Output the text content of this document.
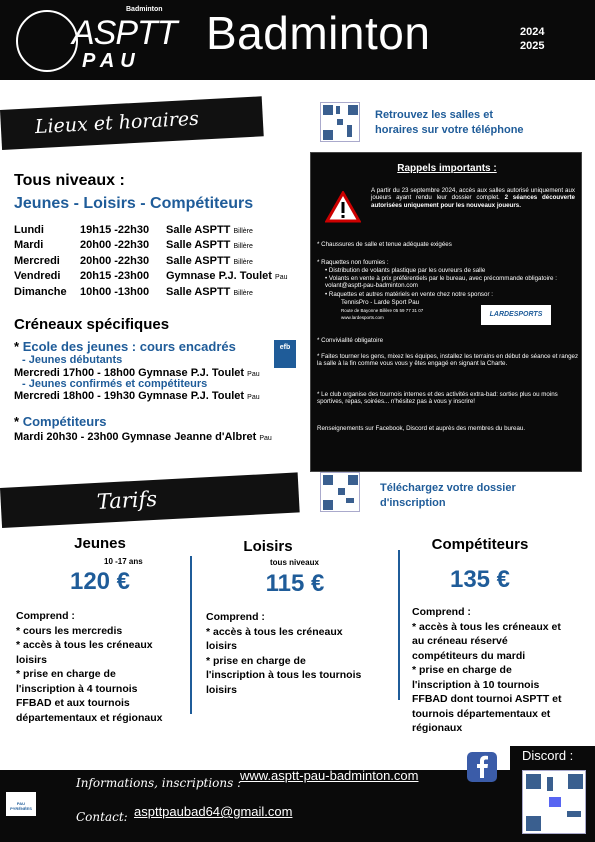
Badminton
ASPTT
PAU
Badminton	2024
2025
Lieux et horaires	Retrouvez les salles et
horaires sur votre téléphone
Tous niveaux :
Jeunes - Loisirs - Compétiteurs
Lundi	19h15 -22h30	Salle ASPTT Billère
Mardi	20h00 -22h30	Salle ASPTT Billère
Mercredi	20h00 -22h30	Salle ASPTT Billère
Vendredi	20h15 -23h00	Gymnase P.J. Toulet Pau
Dimanche	10h00 -13h00	Salle ASPTT Billère
Créneaux spécifiques
* Ecole des jeunes : cours encadrés	efb
- Jeunes débutants
Mercredi 17h00 - 18h00 Gymnase P.J. Toulet Pau
- Jeunes confirmés et compétiteurs
Mercredi 18h00 - 19h30 Gymnase P.J. Toulet Pau
* Compétiteurs
Mardi 20h30 - 23h00 Gymnase Jeanne d'Albret Pau
Rappels importants :
A partir du 23 septembre 2024, accès aux salles autorisé uniquement aux joueurs ayant rendu leur dossier complet. 2 séances découverte autorisées uniquement pour les nouveaux joueurs.
* Chaussures de salle et tenue adéquate exigées
* Raquettes non fournies :
• Distribution de volants plastique par les ouvreurs de salle
• Volants en vente à prix préférentiels par le bureau, avec précommande obligatoire : volant@asptt-pau-badminton.com
• Raquettes et autres matériels en vente chez notre sponsor :
TennisPro - Larde Sport Pau
Route de Bayonne Billère 05 59 77 31 07
www.lardesports.com	LARDESPORTS
* Convivialité obligatoire
* Faites tourner les gens, mixez les équipes, installez les terrains en début de séance et rangez la salle à la fin comme vous vous y êtes engagé en signant la Charte.
* Le club organise des tournois internes et des activités extra-bad: sorties plus ou moins sportives, repas, soirées... n'hésitez pas à vous y inscrire!
Renseignements sur Facebook, Discord et auprès des membres du bureau.
Tarifs	Téléchargez votre dossier
d'inscription
Jeunes
10 -17 ans
120 €
Comprend :
* cours les mercredis
* accès à tous les créneaux
loisirs
* prise en charge de
l'inscription à 4 tournois
FFBAD et aux tournois
départementaux et régionaux
Loisirs
tous niveaux
115 €
Comprend :
* accès à tous les créneaux
loisirs
* prise en charge de
l'inscription à tous les tournois
loisirs
Compétiteurs
135 €
Comprend :
* accès à tous les créneaux et
au créneau réservé
compétiteurs du mardi
* prise en charge de
l'inscription à 10 tournois
FFBAD dont tournoi ASPTT et
tournois départementaux et
régionaux
PAU PYRÉNÉES
Informations, inscriptions :
www.asptt-pau-badminton.com
Contact: aspttpaubad64@gmail.com
Discord :
